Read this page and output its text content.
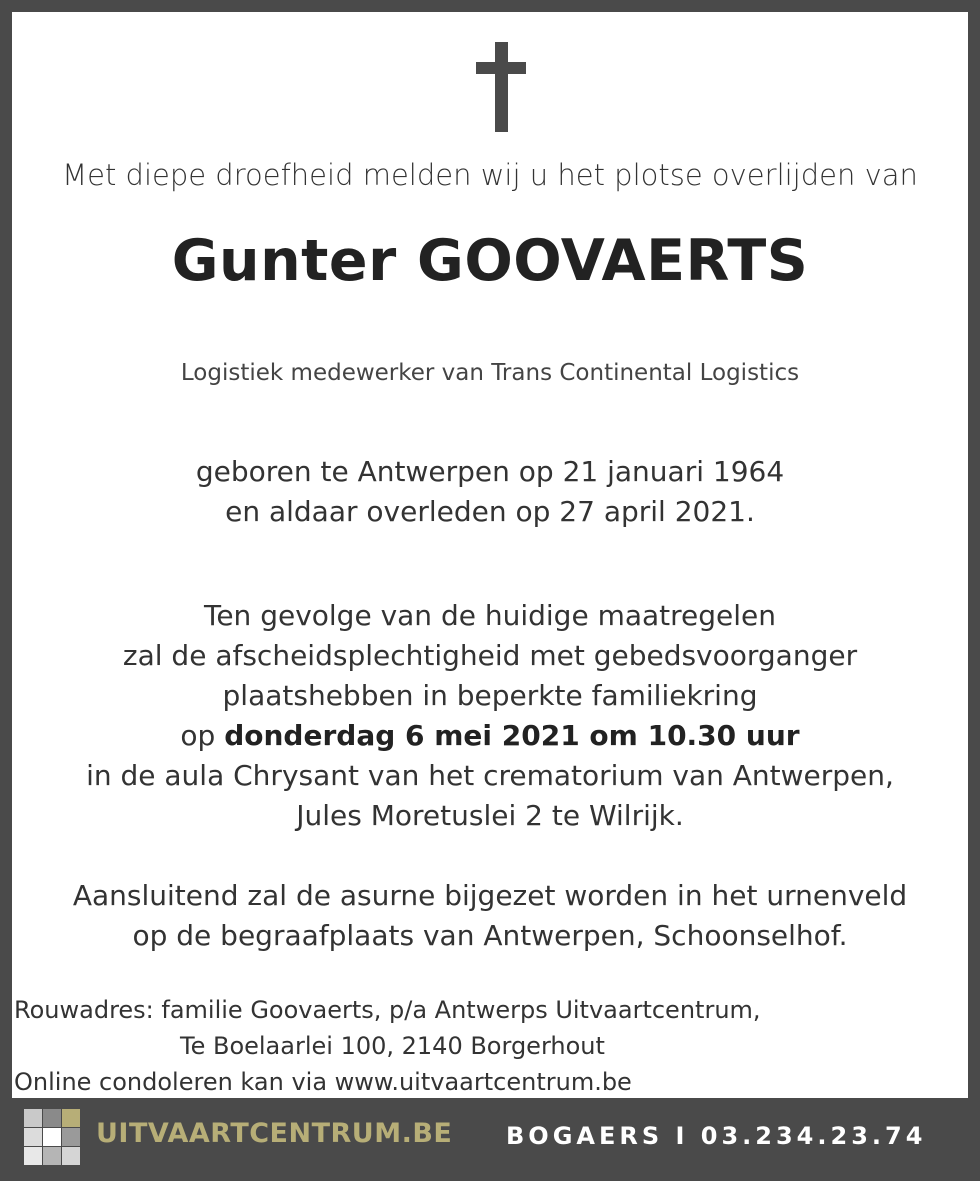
Met diepe droefheid melden wij u het plotse overlijden van
Gunter GOOVAERTS
Logistiek medewerker van Trans Continental Logistics
geboren te Antwerpen op 21 januari 1964
en aldaar overleden op 27 april 2021.
Ten gevolge van de huidige maatregelen
zal de afscheidsplechtigheid met gebedsvoorganger
plaatshebben in beperkte familiekring
op donderdag 6 mei 2021 om 10.30 uur
in de aula Chrysant van het crematorium van Antwerpen,
Jules Moretuslei 2 te Wilrijk.
Aansluitend zal de asurne bijgezet worden in het urnenveld
op de begraafplaats van Antwerpen, Schoonselhof.
Rouwadres: familie Goovaerts, p/a Antwerps Uitvaartcentrum,
Te Boelaarlei 100, 2140 Borgerhout
Online condoleren kan via www.uitvaartcentrum.be
UITVAARTCENTRUM.BE BOGAERS I 03.234.23.74
